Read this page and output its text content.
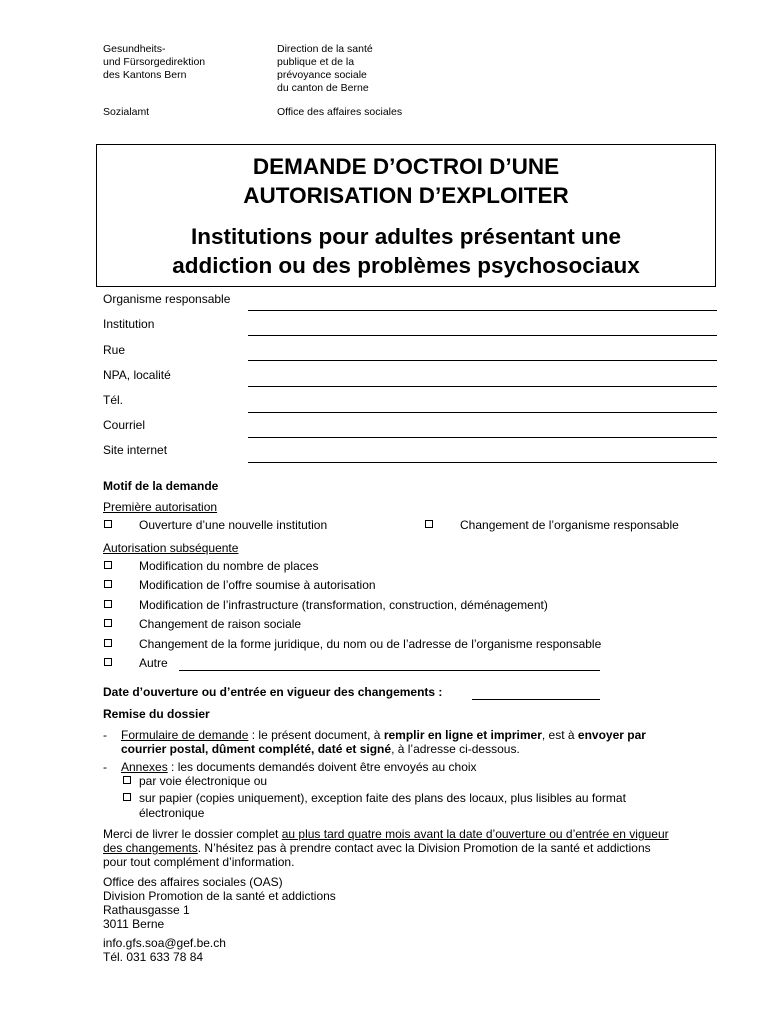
Gesundheits-
und Fürsorgedirektion
des Kantons Bern
Sozialamt
Direction de la santé
publique et de la
prévoyance sociale
du canton de Berne
Office des affaires sociales
DEMANDE D’OCTROI D’UNE
AUTORISATION D’EXPLOITER
Institutions pour adultes présentant une
addiction ou des problèmes psychosociaux
Organisme responsable
Institution
Rue
NPA, localité
Tél.
Courriel
Site internet
Motif de la demande
Première autorisation
Ouverture d’une nouvelle institution	Changement de l’organisme responsable
Autorisation subséquente
Modification du nombre de places
Modification de l’offre soumise à autorisation
Modification de l’infrastructure (transformation, construction, déménagement)
Changement de raison sociale
Changement de la forme juridique, du nom ou de l’adresse de l’organisme responsable
Autre
Date d’ouverture ou d’entrée en vigueur des changements :
Remise du dossier
- Formulaire de demande : le présent document, à remplir en ligne et imprimer, est à envoyer par
courrier postal, dûment complété, daté et signé, à l’adresse ci-dessous.
- Annexes : les documents demandés doivent être envoyés au choix
par voie électronique ou
sur papier (copies uniquement), exception faite des plans des locaux, plus lisibles au format
électronique
Merci de livrer le dossier complet au plus tard quatre mois avant la date d’ouverture ou d’entrée en vigueur
des changements. N’hésitez pas à prendre contact avec la Division Promotion de la santé et addictions
pour tout complément d’information.
Office des affaires sociales (OAS)
Division Promotion de la santé et addictions
Rathausgasse 1
3011 Berne
info.gfs.soa@gef.be.ch
Tél. 031 633 78 84
